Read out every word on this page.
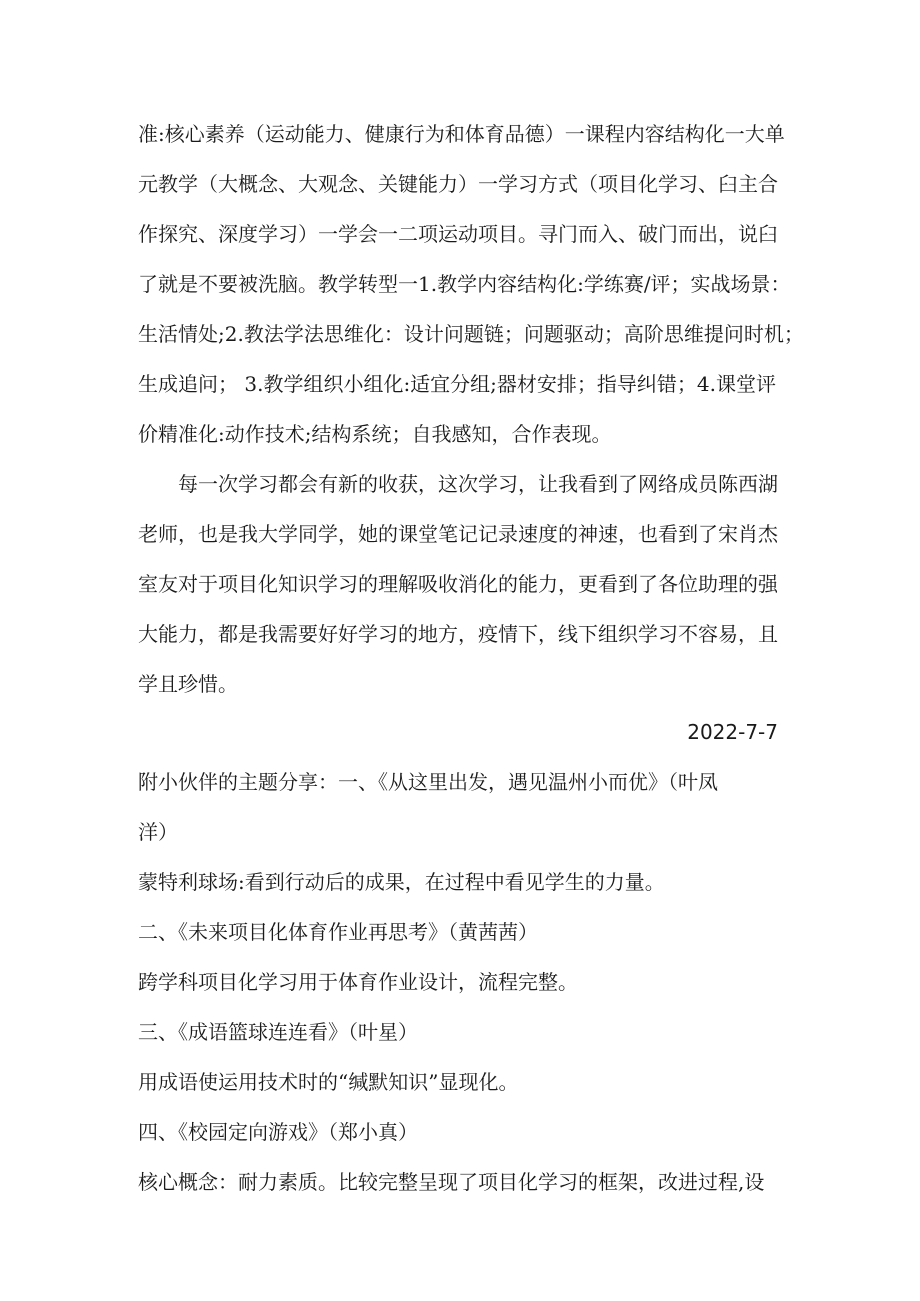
准:核心素养（运动能力、健康行为和体育品德）一课程内容结构化一大单
元教学（大概念、大观念、关键能力）一学习方式（项目化学习、臼主合
作探究、深度学习）一学会一二项运动项目。寻门而入、破门而出，说臼
了就是不要被洗脑。教学转型一1.教学内容结构化:学练赛/评；实战场景：
生活情处;2.教法学法思维化：设计问题链；问题驱动；高阶思维提问时机；
生成追问； 3.教学组织小组化:适宜分组;器材安排；指导纠错；4.课堂评
价精准化:动作技术;结构系统；自我感知，合作表现。
每一次学习都会有新的收获，这次学习，让我看到了网络成员陈西湖
老师，也是我大学同学，她的课堂笔记记录速度的神速，也看到了宋肖杰
室友对于项目化知识学习的理解吸收消化的能力，更看到了各位助理的强
大能力，都是我需要好好学习的地方，疫情下，线下组织学习不容易，且
学且珍惜。
2022-7-7
附小伙伴的主题分享：一、《从这里出发，遇见温州小而优》（叶凤
洋）
蒙特利球场:看到行动后的成果，在过程中看见学生的力量。
二、《未来项目化体育作业再思考》（黄茜茜）
跨学科项目化学习用于体育作业设计，流程完整。
三、《成语篮球连连看》（叶星）
用成语使运用技术时的“缄默知识”显现化。
四、《校园定向游戏》（郑小真）
核心概念：耐力素质。比较完整呈现了项目化学习的框架，改进过程,设
